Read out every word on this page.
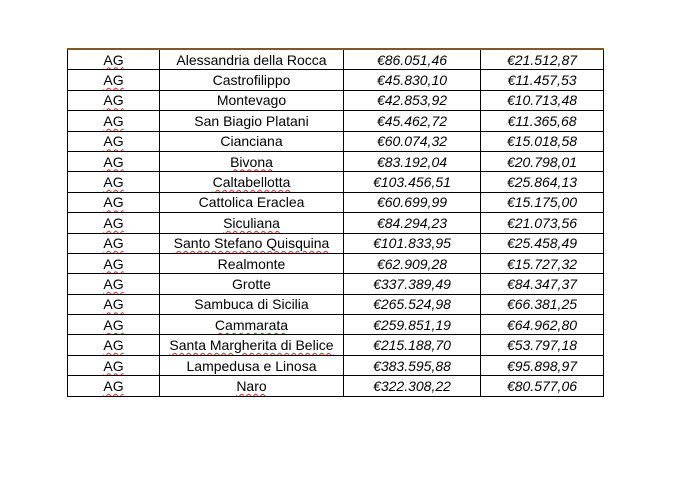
AG	Alessandria della Rocca	€86.051,46	€21.512,87
AG	Castrofilippo	€45.830,10	€11.457,53
AG	Montevago	€42.853,92	€10.713,48
AG	San Biagio Platani	€45.462,72	€11.365,68
AG	Cianciana	€60.074,32	€15.018,58
AG	Bivona	€83.192,04	€20.798,01
AG	Caltabellotta	€103.456,51	€25.864,13
AG	Cattolica Eraclea	€60.699,99	€15.175,00
AG	Siculiana	€84.294,23	€21.073,56
AG	Santo Stefano Quisquina	€101.833,95	€25.458,49
AG	Realmonte	€62.909,28	€15.727,32
AG	Grotte	€337.389,49	€84.347,37
AG	Sambuca di Sicilia	€265.524,98	€66.381,25
AG	Cammarata	€259.851,19	€64.962,80
AG	Santa Margherita di Belice	€215.188,70	€53.797,18
AG	Lampedusa e Linosa	€383.595,88	€95.898,97
AG	Naro	€322.308,22	€80.577,06
